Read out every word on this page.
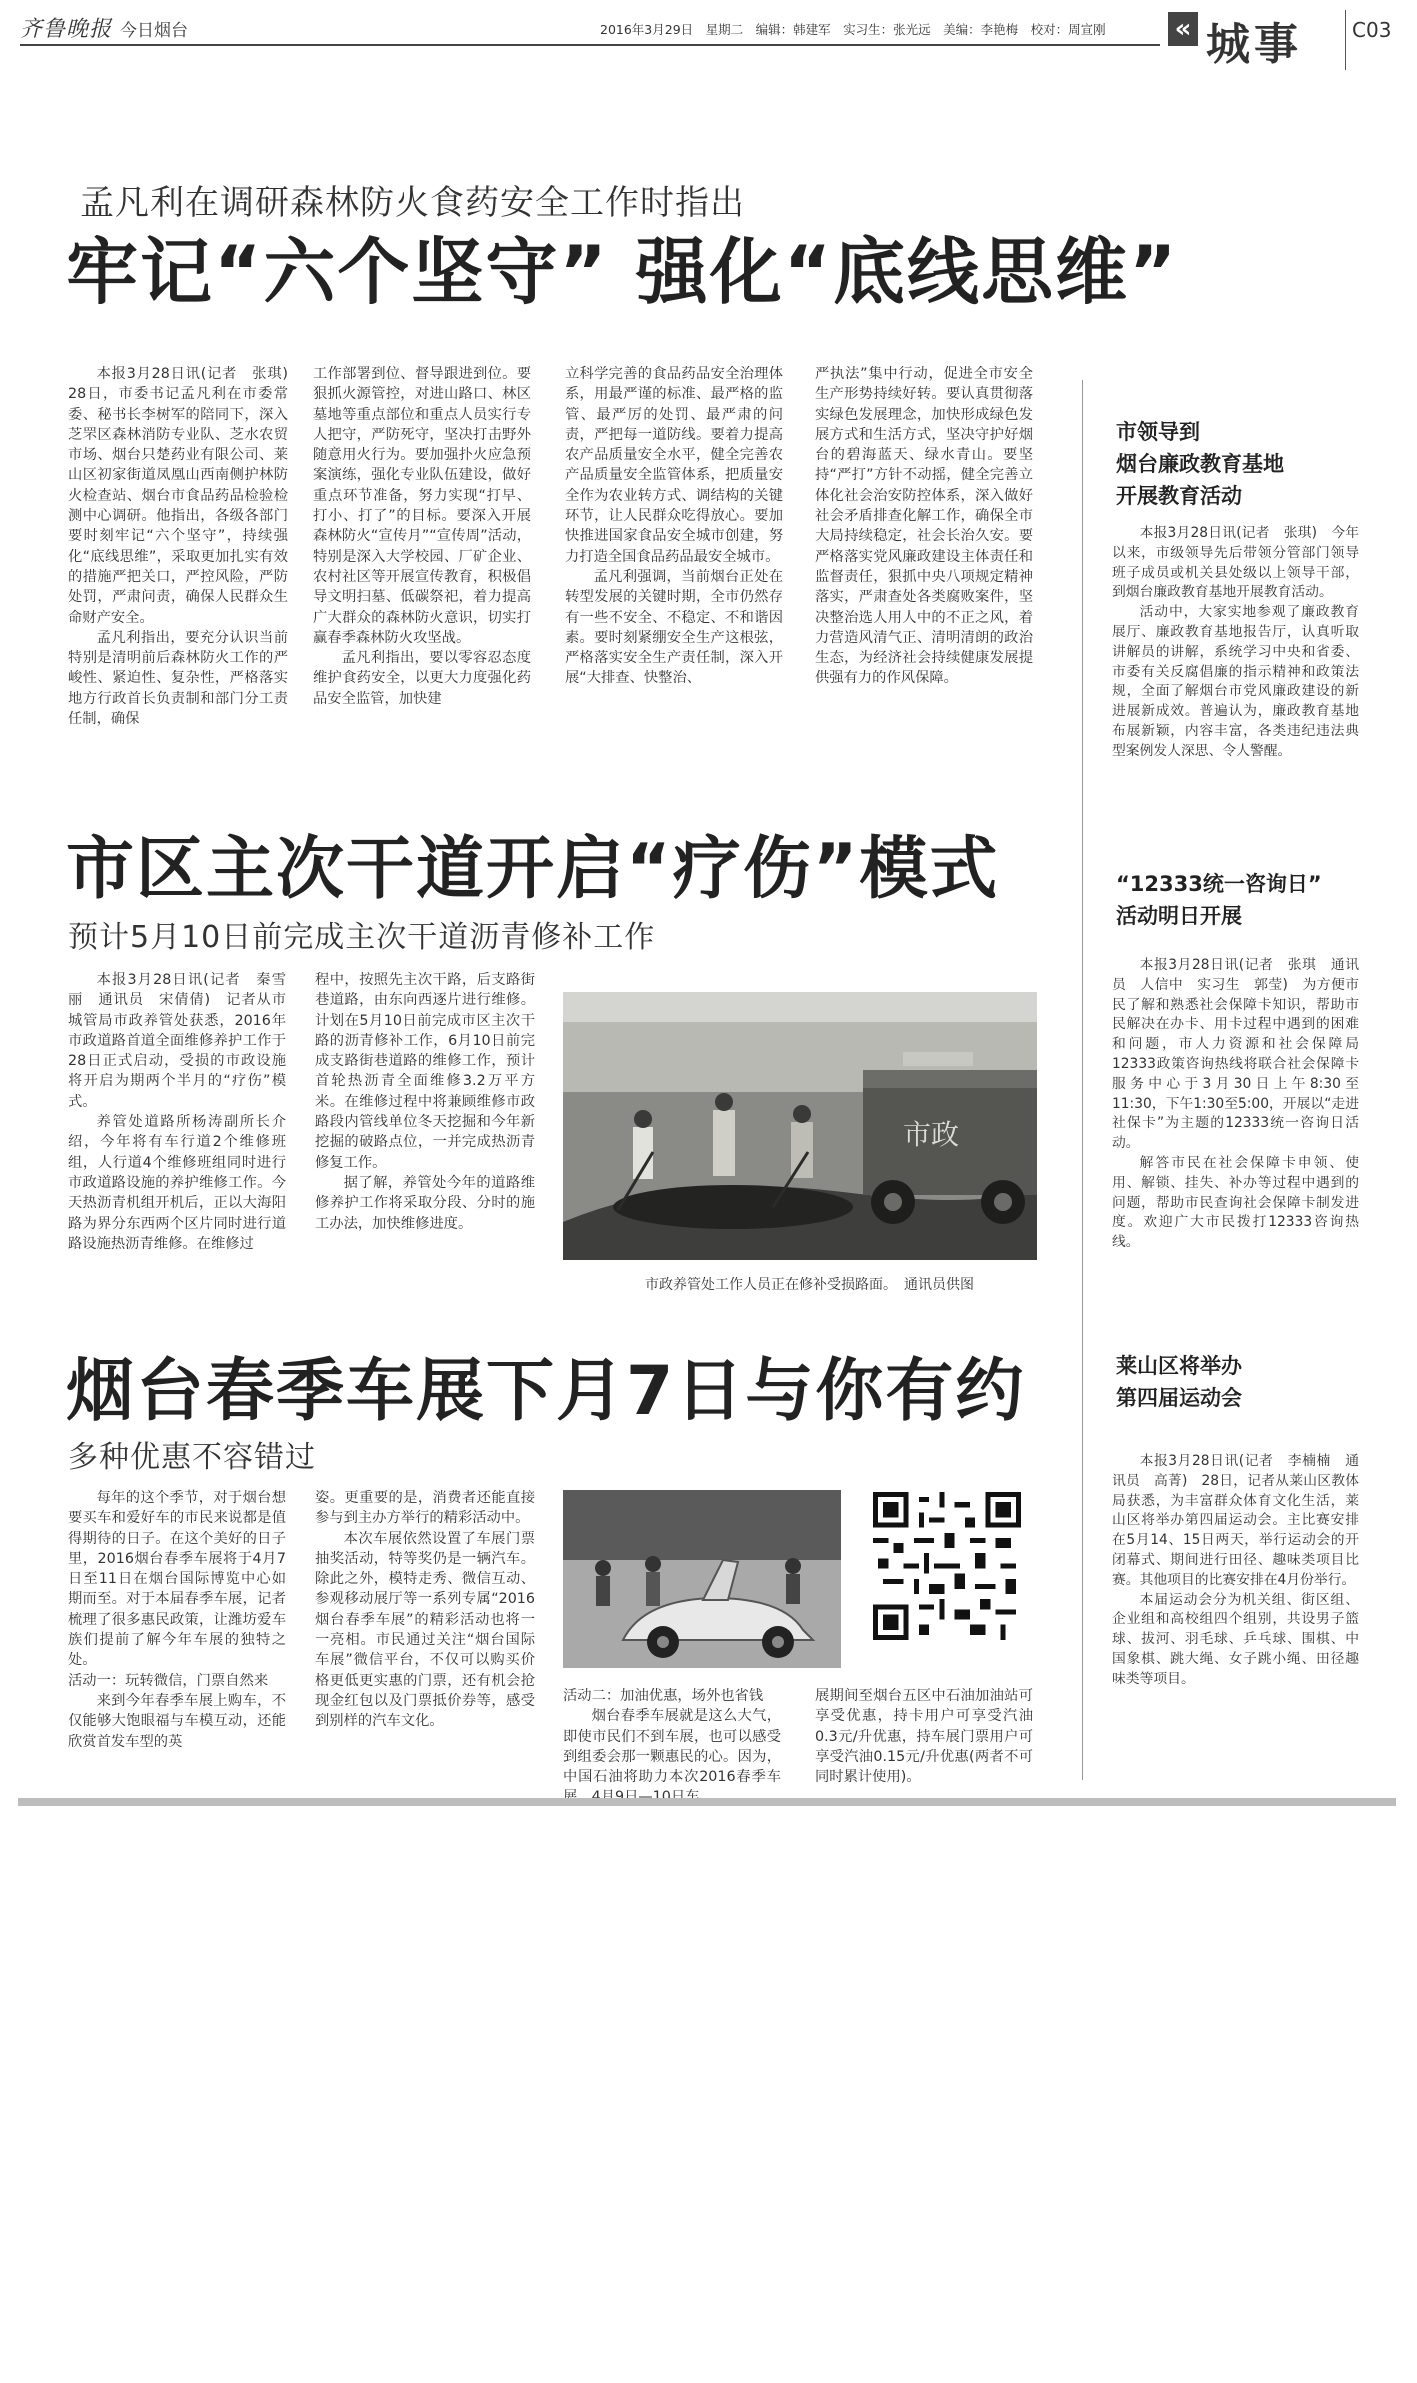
齐鲁晚报 今日烟台	2016年3月29日　星期二　编辑：韩建军　实习生：张光远　美编：李艳梅　校对：周宣刚	« 城事	C03
孟凡利在调研森林防火食药安全工作时指出
牢记“六个坚守” 强化“底线思维”

本报3月28日讯(记者　张琪)　28日，市委书记孟凡利在市委常委、秘书长李树军的陪同下，深入芝罘区森林消防专业队、芝水农贸市场、烟台只楚药业有限公司、莱山区初家街道凤凰山西南侧护林防火检查站、烟台市食品药品检验检测中心调研。他指出，各级各部门要时刻牢记“六个坚守”，持续强化“底线思维”，采取更加扎实有效的措施严把关口，严控风险，严防处罚，严肃问责，确保人民群众生命财产安全。

孟凡利指出，要充分认识当前特别是清明前后森林防火工作的严峻性、紧迫性、复杂性，严格落实地方行政首长负责制和部门分工责任制，确保

工作部署到位、督导跟进到位。要狠抓火源管控，对进山路口、林区墓地等重点部位和重点人员实行专人把守，严防死守，坚决打击野外随意用火行为。要加强扑火应急预案演练，强化专业队伍建设，做好重点环节准备，努力实现“打早、打小、打了”的目标。要深入开展森林防火“宣传月”“宣传周”活动，特别是深入大学校园、厂矿企业、农村社区等开展宣传教育，积极倡导文明扫墓、低碳祭祀，着力提高广大群众的森林防火意识，切实打赢春季森林防火攻坚战。

孟凡利指出，要以零容忍态度维护食药安全，以更大力度强化药品安全监管，加快建

立科学完善的食品药品安全治理体系，用最严谨的标准、最严格的监管、最严厉的处罚、最严肃的问责，严把每一道防线。要着力提高农产品质量安全水平，健全完善农产品质量安全监管体系，把质量安全作为农业转方式、调结构的关键环节，让人民群众吃得放心。要加快推进国家食品安全城市创建，努力打造全国食品药品最安全城市。

孟凡利强调，当前烟台正处在转型发展的关键时期，全市仍然存有一些不安全、不稳定、不和谐因素。要时刻紧绷安全生产这根弦，严格落实安全生产责任制，深入开展“大排查、快整治、

严执法”集中行动，促进全市安全生产形势持续好转。要认真贯彻落实绿色发展理念，加快形成绿色发展方式和生活方式，坚决守护好烟台的碧海蓝天、绿水青山。要坚持“严打”方针不动摇，健全完善立体化社会治安防控体系，深入做好社会矛盾排查化解工作，确保全市大局持续稳定，社会长治久安。要严格落实党风廉政建设主体责任和监督责任，狠抓中央八项规定精神落实，严肃查处各类腐败案件，坚决整治选人用人中的不正之风，着力营造风清气正、清明清朗的政治生态，为经济社会持续健康发展提供强有力的作风保障。

市区主次干道开启“疗伤”模式
预计5月10日前完成主次干道沥青修补工作

本报3月28日讯(记者　秦雪丽　通讯员　宋倩倩)　记者从市城管局市政养管处获悉，2016年市政道路首道全面维修养护工作于28日正式启动，受损的市政设施将开启为期两个半月的“疗伤”模式。

养管处道路所杨涛副所长介绍，今年将有车行道2个维修班组，人行道4个维修班组同时进行市政道路设施的养护维修工作。今天热沥青机组开机后，正以大海阳路为界分东西两个区片同时进行道路设施热沥青维修。在维修过

程中，按照先主次干路，后支路街巷道路，由东向西逐片进行维修。计划在5月10日前完成市区主次干路的沥青修补工作，6月10日前完成支路街巷道路的维修工作，预计首轮热沥青全面维修3.2万平方米。在维修过程中将兼顾维修市政路段内管线单位冬天挖掘和今年新挖掘的破路点位，一并完成热沥青修复工作。

据了解，养管处今年的道路维修养护工作将采取分段、分时的施工办法，加快维修进度。

市政
市政养管处工作人员正在修补受损路面。　通讯员供图
烟台春季车展下月7日与你有约
多种优惠不容错过

每年的这个季节，对于烟台想要买车和爱好车的市民来说都是值得期待的日子。在这个美好的日子里，2016烟台春季车展将于4月7日至11日在烟台国际博览中心如期而至。对于本届春季车展，记者梳理了很多惠民政策，让潍坊爱车族们提前了解今年车展的独特之处。

活动一：玩转微信，门票自然来

来到今年春季车展上购车，不仅能够大饱眼福与车模互动，还能欣赏首发车型的英

姿。更重要的是，消费者还能直接参与到主办方举行的精彩活动中。

本次车展依然设置了车展门票抽奖活动，特等奖仍是一辆汽车。除此之外，模特走秀、微信互动、参观移动展厅等一系列专属“2016烟台春季车展”的精彩活动也将一一亮相。市民通过关注“烟台国际车展”微信平台，不仅可以购买价格更低更实惠的门票，还有机会抢现金红包以及门票抵价券等，感受到别样的汽车文化。

活动二：加油优惠，场外也省钱

烟台春季车展就是这么大气，即使市民们不到车展，也可以感受到组委会那一颗惠民的心。因为，中国石油将助力本次2016春季车

展期间至烟台五区中石油加油站可享受优惠，持卡用户可享受汽油0.3元/升优惠，持车展门票用户可享受汽油0.15元/升优惠(两者不可同时累计使用)。

市领导到
烟台廉政教育基地
开展教育活动

本报3月28日讯(记者　张琪)　今年以来，市级领导先后带领分管部门领导班子成员或机关县处级以上领导干部，到烟台廉政教育基地开展教育活动。

活动中，大家实地参观了廉政教育展厅、廉政教育基地报告厅，认真听取讲解员的讲解，系统学习中央和省委、市委有关反腐倡廉的指示精神和政策法规，全面了解烟台市党风廉政建设的新进展新成效。普遍认为，廉政教育基地布展新颖，内容丰富，各类违纪违法典型案例发人深思、令人警醒。

“12333统一咨询日”
活动明日开展

本报3月28日讯(记者　张琪　通讯员　人信中　实习生　郭莹)　为方便市民了解和熟悉社会保障卡知识，帮助市民解决在办卡、用卡过程中遇到的困难和问题，市人力资源和社会保障局12333政策咨询热线将联合社会保障卡服务中心于3月30日上午8:30至11:30，下午1:30至5:00，开展以“走进社保卡”为主题的12333统一咨询日活动。

解答市民在社会保障卡申领、使用、解锁、挂失、补办等过程中遇到的问题，帮助市民查询社会保障卡制发进度。欢迎广大市民拨打12333咨询热线。

莱山区将举办
第四届运动会

本报3月28日讯(记者　李楠楠　通讯员　高菁)　28日，记者从莱山区教体局获悉，为丰富群众体育文化生活，莱山区将举办第四届运动会。主比赛安排在5月14、15日两天，举行运动会的开闭幕式、期间进行田径、趣味类项目比赛。其他项目的比赛安排在4月份举行。

本届运动会分为机关组、街区组、企业组和高校组四个组别，共设男子篮球、拔河、羽毛球、乒乓球、围棋、中国象棋、跳大绳、女子跳小绳、田径趣味类等项目。
